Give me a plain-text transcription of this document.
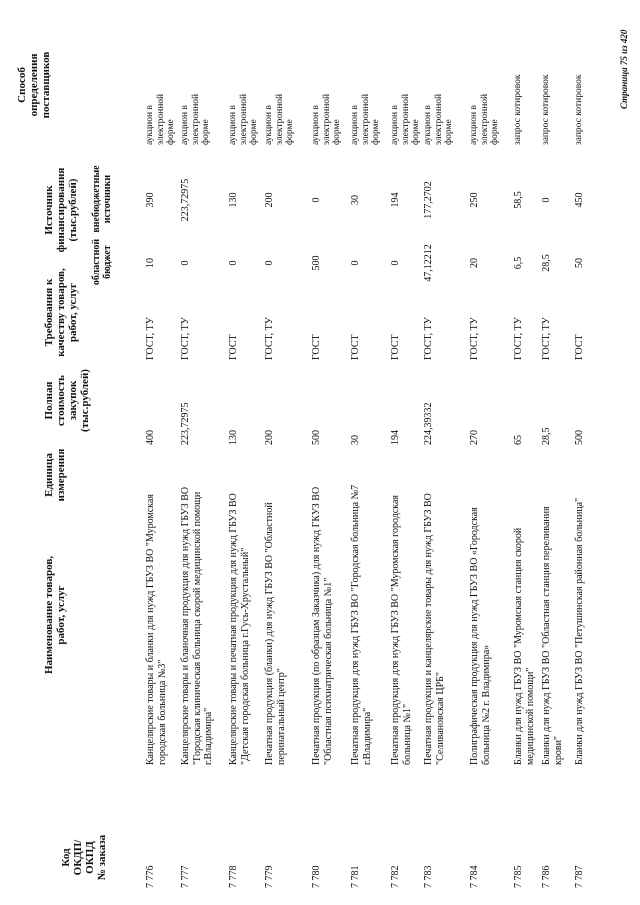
Код
ОКДП/
ОКПД
№ заказа
Наименование товаров,
работ, услуг
Единица
измерения
Полная
стоимость
закупок
(тыс.рублей)
Требования к
качеству товаров,
работ, услуг
Источник
финансирования
(тыс.рублей)
областной бюджет
внебюджетные источники
Способ
определения
поставщиков
7 776
Канцелярские товары и бланки для нужд ГБУЗ ВО "Муромская городская больница №3"
400
ГОСТ, ТУ
10
390
аукцион в электронной форме
7 777
Канцелярские товары и бланочная продукция для нужд ГБУЗ ВО "Городская клиническая больница скорой медицинской помощи г.Владимира"
223,72975
ГОСТ, ТУ
0
223,72975
аукцион в электронной форме
7 778
Канцелярские товары и печатная продукция для нужд ГБУЗ ВО "Детская городская больница г.Гусь-Хрустальный"
130
ГОСТ
0
130
аукцион в электронной форме
7 779
Печатная продукция (бланки) для нужд ГБУЗ ВО "Областной перинатальный центр"
200
ГОСТ, ТУ
0
200
аукцион в электронной форме
7 780
Печатная продукция (по образцам Заказчика) для нужд ГКУЗ ВО "Областная психиатрическая больница №1"
500
ГОСТ
500
0
аукцион в электронной форме
7 781
Печатная продукция для нужд ГБУЗ ВО "Городская больница №7 г.Владимира"
30
ГОСТ
0
30
аукцион в электронной форме
7 782
Печатная продукция для нужд ГБУЗ ВО "Муромская городская больница №1"
194
ГОСТ
0
194
аукцион в электронной форме
7 783
Печатная продукция и канцелярские товары для нужд ГБУЗ ВО "Селивановская ЦРБ"
224,39332
ГОСТ, ТУ
47,12212
177,2702
аукцион в электронной форме
7 784
Полиграфическая продукция для нужд ГБУЗ ВО «Городская больница №2 г. Владимира»
270
ГОСТ, ТУ
20
250
аукцион в электронной форме
7 785
Бланки для нужд ГБУЗ ВО "Муромская станция скорой медицинской помощи"
65
ГОСТ, ТУ
6,5
58,5
запрос котировок
7 786
Бланки для нужд ГБУЗ ВО "Областная станция переливания крови"
28,5
ГОСТ, ТУ
28,5
0
запрос котировок
7 787
Бланки для нужд ГБУЗ ВО "Петушинская районная больница"
500
ГОСТ
50
450
запрос котировок
Страница 75 из 420
